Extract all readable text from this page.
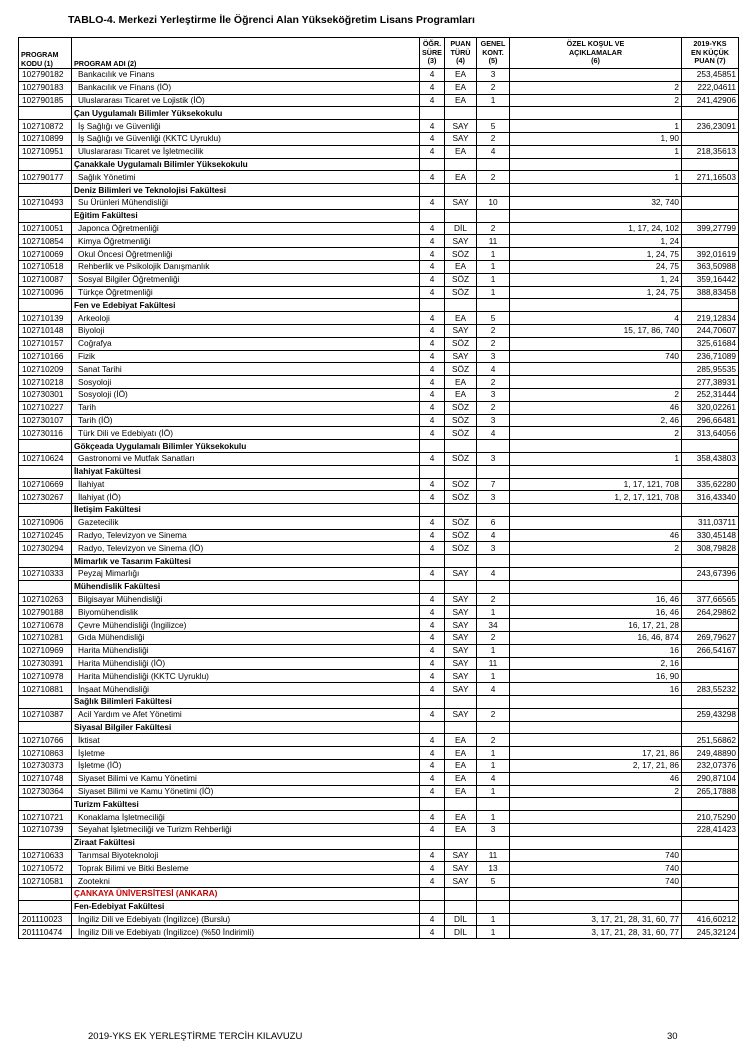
TABLO-4. Merkezi Yerleştirme İle Öğrenci Alan Yükseköğretim Lisans Programları
PROGRAM
KODU (1)	PROGRAM ADI (2)	ÖĞR.
SÜRE
(3)	PUAN
TÜRÜ
(4)	GENEL
KONT.
(5)	ÖZEL KOŞUL VE
AÇIKLAMALAR
(6)	2019-YKS
EN KÜÇÜK
PUAN (7)
102790182	Bankacılık ve Finans	4	EA	3		253,45851
102790183	Bankacılık ve Finans (İÖ)	4	EA	2	2	222,04611
102790185	Uluslararası Ticaret ve Lojistik (İÖ)	4	EA	1	2	241,42906
	Çan Uygulamalı Bilimler Yüksekokulu					
102710872	İş Sağlığı ve Güvenliği	4	SAY	5	1	236,23091
102710899	İş Sağlığı ve Güvenliği (KKTC Uyruklu)	4	SAY	2	1, 90	
102710951	Uluslararası Ticaret ve İşletmecilik	4	EA	4	1	218,35613
	Çanakkale Uygulamalı Bilimler Yüksekokulu					
102790177	Sağlık Yönetimi	4	EA	2	1	271,16503
	Deniz Bilimleri ve Teknolojisi Fakültesi					
102710493	Su Ürünleri Mühendisliği	4	SAY	10	32, 740	
	Eğitim Fakültesi					
102710051	Japonca Öğretmenliği	4	DİL	2	1, 17, 24, 102	399,27799
102710854	Kimya Öğretmenliği	4	SAY	11	1, 24	
102710069	Okul Öncesi Öğretmenliği	4	SÖZ	1	1, 24, 75	392,01619
102710518	Rehberlik ve Psikolojik Danışmanlık	4	EA	1	24, 75	363,50988
102710087	Sosyal Bilgiler Öğretmenliği	4	SÖZ	1	1, 24	359,16442
102710096	Türkçe Öğretmenliği	4	SÖZ	1	1, 24, 75	388,83458
	Fen ve Edebiyat Fakültesi					
102710139	Arkeoloji	4	EA	5	4	219,12834
102710148	Biyoloji	4	SAY	2	15, 17, 86, 740	244,70607
102710157	Coğrafya	4	SÖZ	2		325,61684
102710166	Fizik	4	SAY	3	740	236,71089
102710209	Sanat Tarihi	4	SÖZ	4		285,95535
102710218	Sosyoloji	4	EA	2		277,38931
102730301	Sosyoloji (İÖ)	4	EA	3	2	252,31444
102710227	Tarih	4	SÖZ	2	46	320,02261
102730107	Tarih (İÖ)	4	SÖZ	3	2, 46	296,66481
102730116	Türk Dili ve Edebiyatı (İÖ)	4	SÖZ	4	2	313,64056
	Gökçeada Uygulamalı Bilimler Yüksekokulu					
102710624	Gastronomi ve Mutfak Sanatları	4	SÖZ	3	1	358,43803
	İlahiyat Fakültesi					
102710669	İlahiyat	4	SÖZ	7	1, 17, 121, 708	335,62280
102730267	İlahiyat (İÖ)	4	SÖZ	3	1, 2, 17, 121, 708	316,43340
	İletişim Fakültesi					
102710906	Gazetecilik	4	SÖZ	6		311,03711
102710245	Radyo, Televizyon ve Sinema	4	SÖZ	4	46	330,45148
102730294	Radyo, Televizyon ve Sinema (İÖ)	4	SÖZ	3	2	308,79828
	Mimarlık ve Tasarım Fakültesi					
102710333	Peyzaj Mimarlığı	4	SAY	4		243,67396
	Mühendislik Fakültesi					
102710263	Bilgisayar Mühendisliği	4	SAY	2	16, 46	377,66565
102790188	Biyomühendislik	4	SAY	1	16, 46	264,29862
102710678	Çevre Mühendisliği (İngilizce)	4	SAY	34	16, 17, 21, 28	
102710281	Gıda Mühendisliği	4	SAY	2	16, 46, 874	269,79627
102710969	Harita Mühendisliği	4	SAY	1	16	266,54167
102730391	Harita Mühendisliği (İÖ)	4	SAY	11	2, 16	
102710978	Harita Mühendisliği (KKTC Uyruklu)	4	SAY	1	16, 90	
102710881	İnşaat Mühendisliği	4	SAY	4	16	283,55232
	Sağlık Bilimleri Fakültesi					
102710387	Acil Yardım ve Afet Yönetimi	4	SAY	2		259,43298
	Siyasal Bilgiler Fakültesi					
102710766	İktisat	4	EA	2		251,56862
102710863	İşletme	4	EA	1	17, 21, 86	249,48890
102730373	İşletme (İÖ)	4	EA	1	2, 17, 21, 86	232,07376
102710748	Siyaset Bilimi ve Kamu Yönetimi	4	EA	4	46	290,87104
102730364	Siyaset Bilimi ve Kamu Yönetimi (İÖ)	4	EA	1	2	265,17888
	Turizm Fakültesi					
102710721	Konaklama İşletmeciliği	4	EA	1		210,75290
102710739	Seyahat İşletmeciliği ve Turizm Rehberliği	4	EA	3		228,41423
	Ziraat Fakültesi					
102710633	Tarımsal Biyoteknoloji	4	SAY	11	740	
102710572	Toprak Bilimi ve Bitki Besleme	4	SAY	13	740	
102710581	Zootekni	4	SAY	5	740	
	ÇANKAYA ÜNİVERSİTESİ (ANKARA)					
	Fen-Edebiyat Fakültesi					
201110023	İngiliz Dili ve Edebiyatı (İngilizce) (Burslu)	4	DİL	1	3, 17, 21, 28, 31, 60, 77	416,60212
201110474	İngiliz Dili ve Edebiyatı (İngilizce) (%50 İndirimli)	4	DİL	1	3, 17, 21, 28, 31, 60, 77	245,32124
2019-YKS EK YERLEŞTİRME TERCİH KILAVUZU	30
